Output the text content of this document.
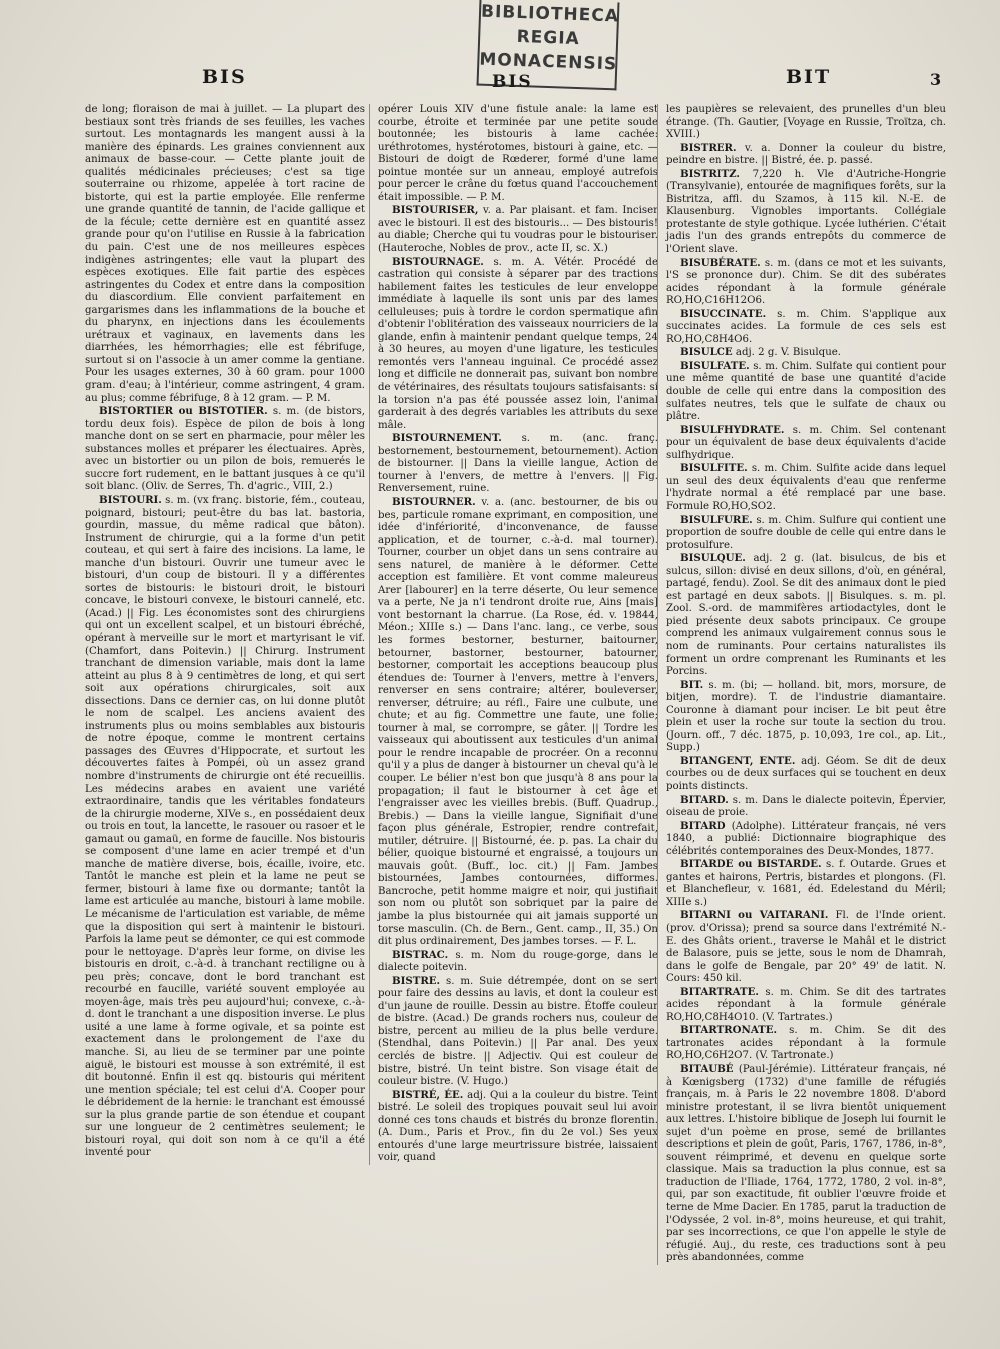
BIBLIOTHECA
REGIA
MONACENSIS
BIS	BIS	BIT	3

de long; floraison de mai à juillet. — La plupart des bestiaux sont très friands de ses feuilles, les vaches surtout. Les montagnards les mangent aussi à la manière des épinards. Les graines conviennent aux animaux de basse-cour. — Cette plante jouit de qualités médicinales précieuses; c'est sa tige souterraine ou rhizome, appelée à tort racine de bistorte, qui est la partie employée. Elle renferme une grande quantité de tannin, de l'acide gallique et de la fécule; cette dernière est en quantité assez grande pour qu'on l'utilise en Russie à la fabrication du pain. C'est une de nos meilleures espèces indigènes astringentes; elle vaut la plupart des espèces exotiques. Elle fait partie des espèces astringentes du Codex et entre dans la composition du diascordium. Elle convient parfaitement en gargarismes dans les inflammations de la bouche et du pharynx, en injections dans les écoulements urétraux et vaginaux, en lavements dans les diarrhées, les hémorrhagies; elle est fébrifuge, surtout si on l'associe à un amer comme la gentiane. Pour les usages externes, 30 à 60 gram. pour 1000 gram. d'eau; à l'intérieur, comme astringent, 4 gram. au plus; comme fébrifuge, 8 à 12 gram. — P. M.

BISTORTIER ou BISTOTIER. s. m. (de bistors, tordu deux fois). Espèce de pilon de bois à long manche dont on se sert en pharmacie, pour mêler les substances molles et préparer les électuaires. Après, avec un bistortier ou un pilon de bois, remuerés le succre fort rudement, en le battant jusques à ce qu'il soit blanc. (Oliv. de Serres, Th. d'agric., VIII, 2.)

BISTOURI. s. m. (vx franç. bistorie, fém., couteau, poignard, bistouri; peut-être du bas lat. bastoria, gourdin, massue, du même radical que bâton). Instrument de chirurgie, qui a la forme d'un petit couteau, et qui sert à faire des incisions. La lame, le manche d'un bistouri. Ouvrir une tumeur avec le bistouri, d'un coup de bistouri. Il y a différentes sortes de bistouris: le bistouri droit, le bistouri concave, le bistouri convexe, le bistouri cannelé, etc. (Acad.) || Fig. Les économistes sont des chirurgiens qui ont un excellent scalpel, et un bistouri ébréché, opérant à merveille sur le mort et martyrisant le vif. (Chamfort, dans Poitevin.) || Chirurg. Instrument tranchant de dimension variable, mais dont la lame atteint au plus 8 à 9 centimètres de long, et qui sert soit aux opérations chirurgicales, soit aux dissections. Dans ce dernier cas, on lui donne plutôt le nom de scalpel. Les anciens avaient des instruments plus ou moins semblables aux bistouris de notre époque, comme le montrent certains passages des Œuvres d'Hippocrate, et surtout les découvertes faites à Pompéi, où un assez grand nombre d'instruments de chirurgie ont été recueillis. Les médecins arabes en avaient une variété extraordinaire, tandis que les véritables fondateurs de la chirurgie moderne, XIVe s., en possédaient deux ou trois en tout, la lancette, le rasouer ou rasoer et le gamaut ou gamaü, en forme de faucille. Nos bistouris se composent d'une lame en acier trempé et d'un manche de matière diverse, bois, écaille, ivoire, etc. Tantôt le manche est plein et la lame ne peut se fermer, bistouri à lame fixe ou dormante; tantôt la lame est articulée au manche, bistouri à lame mobile. Le mécanisme de l'articulation est variable, de même que la disposition qui sert à maintenir le bistouri. Parfois la lame peut se démonter, ce qui est commode pour le nettoyage. D'après leur forme, on divise les bistouris en droit, c.-à-d. à tranchant rectiligne ou à peu près; concave, dont le bord tranchant est recourbé en faucille, variété souvent employée au moyen-âge, mais très peu aujourd'hui; convexe, c.-à-d. dont le tranchant a une disposition inverse. Le plus usité a une lame à forme ogivale, et sa pointe est exactement dans le prolongement de l'axe du manche. Si, au lieu de se terminer par une pointe aiguë, le bistouri est mousse à son extrémité, il est dit boutonné. Enfin il est qq. bistouris qui méritent une mention spéciale; tel est celui d'A. Cooper pour le débridement de la hernie: le tranchant est émoussé sur la plus grande partie de son étendue et coupant sur une longueur de 2 centimètres seulement; le bistouri royal, qui doit son nom à ce qu'il a été inventé pour

opérer Louis XIV d'une fistule anale: la lame est courbe, étroite et terminée par une petite soude boutonnée; les bistouris à lame cachée: uréthrotomes, hystérotomes, bistouri à gaine, etc. — Bistouri de doigt de Rœderer, formé d'une lame pointue montée sur un anneau, employé autrefois pour percer le crâne du fœtus quand l'accouchement était impossible. — P. M.

BISTOURISER, v. a. Par plaisant. et fam. Inciser avec le bistouri. Il est des bistouris... — Des bistouris! au diable; Cherche qui tu voudras pour le bistouriser. (Hauteroche, Nobles de prov., acte II, sc. X.)

BISTOURNAGE. s. m. A. Vétér. Procédé de castration qui consiste à séparer par des tractions habilement faites les testicules de leur enveloppe immédiate à laquelle ils sont unis par des lames celluleuses; puis à tordre le cordon spermatique afin d'obtenir l'oblitération des vaisseaux nourriciers de la glande, enfin à maintenir pendant quelque temps, 24 à 30 heures, au moyen d'une ligature, les testicules remontés vers l'anneau inguinal. Ce procédé assez long et difficile ne donnerait pas, suivant bon nombre de vétérinaires, des résultats toujours satisfaisants: si la torsion n'a pas été poussée assez loin, l'animal garderait à des degrés variables les attributs du sexe mâle.

BISTOURNEMENT. s. m. (anc. franç. bestornement, bestournement, betournement). Action de bistourner. || Dans la vieille langue, Action de tourner à l'envers, de mettre à l'envers. || Fig. Renversement, ruine.

BISTOURNER. v. a. (anc. bestourner, de bis ou bes, particule romane exprimant, en composition, une idée d'infériorité, d'inconvenance, de fausse application, et de tourner, c.-à-d. mal tourner). Tourner, courber un objet dans un sens contraire au sens naturel, de manière à le déformer. Cette acception est familière. Et vont comme maleureus Arer [labourer] en la terre déserte, Ou leur semence va a perte, Ne ja n'i tendront droite rue, Ains [mais] vont bestornant la charrue. (La Rose, éd. v. 19844, Méon.; XIIIe s.) — Dans l'anc. lang., ce verbe, sous les formes bestorner, besturner, baitourner, betourner, bastorner, bestourner, batourner, bestorner, comportait les acceptions beaucoup plus étendues de: Tourner à l'envers, mettre à l'envers, renverser en sens contraire; altérer, bouleverser, renverser, détruire; au réfl., Faire une culbute, une chute; et au fig. Commettre une faute, une folie; tourner à mal, se corrompre, se gâter. || Tordre les vaisseaux qui aboutissent aux testicules d'un animal pour le rendre incapable de procréer. On a reconnu qu'il y a plus de danger à bistourner un cheval qu'à le couper. Le bélier n'est bon que jusqu'à 8 ans pour la propagation; il faut le bistourner à cet âge et l'engraisser avec les vieilles brebis. (Buff. Quadrup., Brebis.) — Dans la vieille langue, Signifiait d'une façon plus générale, Estropier, rendre contrefait, mutiler, détruire. || Bistourné, ée. p. pas. La chair du bélier, quoique bistourné et engraissé, a toujours un mauvais goût. (Buff., loc. cit.) || Fam. Jambes bistournées, Jambes contournées, difformes. Bancroche, petit homme maigre et noir, qui justifiait son nom ou plutôt son sobriquet par la paire de jambe la plus bistournée qui ait jamais supporté un torse masculin. (Ch. de Bern., Gent. camp., II, 35.) On dit plus ordinairement, Des jambes torses. — F. L.

BISTRAC. s. m. Nom du rouge-gorge, dans le dialecte poitevin.

BISTRE. s. m. Suie détrempée, dont on se sert pour faire des dessins au lavis, et dont la couleur est d'un jaune de rouille. Dessin au bistre. Étoffe couleur de bistre. (Acad.) De grands rochers nus, couleur de bistre, percent au milieu de la plus belle verdure. (Stendhal, dans Poitevin.) || Par anal. Des yeux cerclés de bistre. || Adjectiv. Qui est couleur de bistre, bistré. Un teint bistre. Son visage était de couleur bistre. (V. Hugo.)

BISTRÉ, ÉE. adj. Qui a la couleur du bistre. Teint bistré. Le soleil des tropiques pouvait seul lui avoir donné ces tons chauds et bistrés du bronze florentin. (A. Dum., Paris et Prov., fin du 2e vol.) Ses yeux entourés d'une large meurtrissure bistrée, laissaient voir, quand

les paupières se relevaient, des prunelles d'un bleu étrange. (Th. Gautier, [Voyage en Russie, Troïtza, ch. XVIII.)

BISTRER. v. a. Donner la couleur du bistre, peindre en bistre. || Bistré, ée. p. passé.

BISTRITZ. 7,220 h. Vle d'Autriche-Hongrie (Transylvanie), entourée de magnifiques forêts, sur la Bistritza, affl. du Szamos, à 115 kil. N.-E. de Klausenburg. Vignobles importants. Collégiale protestante de style gothique. Lycée luthérien. C'était jadis l'un des grands entrepôts du commerce de l'Orient slave.

BISUBÉRATE. s. m. (dans ce mot et les suivants, l'S se prononce dur). Chim. Se dit des subérates acides répondant à la formule générale RO,HO,C16H12O6.

BISUCCINATE. s. m. Chim. S'applique aux succinates acides. La formule de ces sels est RO,HO,C8H4O6.

BISULCE adj. 2 g. V. Bisulque.

BISULFATE. s. m. Chim. Sulfate qui contient pour une même quantité de base une quantité d'acide double de celle qui entre dans la composition des sulfates neutres, tels que le sulfate de chaux ou plâtre.

BISULFHYDRATE. s. m. Chim. Sel contenant pour un équivalent de base deux équivalents d'acide sulfhydrique.

BISULFITE. s. m. Chim. Sulfite acide dans lequel un seul des deux équivalents d'eau que renferme l'hydrate normal a été remplacé par une base. Formule RO,HO,SO2.

BISULFURE. s. m. Chim. Sulfure qui contient une proportion de soufre double de celle qui entre dans le protosulfure.

BISULQUE. adj. 2 g. (lat. bisulcus, de bis et sulcus, sillon: divisé en deux sillons, d'où, en général, partagé, fendu). Zool. Se dit des animaux dont le pied est partagé en deux sabots. || Bisulques. s. m. pl. Zool. S.-ord. de mammifères artiodactyles, dont le pied présente deux sabots principaux. Ce groupe comprend les animaux vulgairement connus sous le nom de ruminants. Pour certains naturalistes ils forment un ordre comprenant les Ruminants et les Porcins.

BIT. s. m. (bi; — holland. bit, mors, morsure, de bitjen, mordre). T. de l'industrie diamantaire. Couronne à diamant pour inciser. Le bit peut être plein et user la roche sur toute la section du trou. (Journ. off., 7 déc. 1875, p. 10,093, 1re col., ap. Lit., Supp.)

BITANGENT, ENTE. adj. Géom. Se dit de deux courbes ou de deux surfaces qui se touchent en deux points distincts.

BITARD. s. m. Dans le dialecte poitevin, Épervier, oiseau de proie.

BITARD (Adolphe). Littérateur français, né vers 1840, a publié: Dictionnaire biographique des célébrités contemporaines des Deux-Mondes, 1877.

BITARDE ou BISTARDE. s. f. Outarde. Grues et gantes et hairons, Pertris, bistardes et plongons. (Fl. et Blanchefleur, v. 1681, éd. Edelestand du Méril; XIIIe s.)

BITARNI ou VAITARANI. Fl. de l'Inde orient. (prov. d'Orissa); prend sa source dans l'extrémité N.-E. des Ghâts orient., traverse le Mahâl et le district de Balasore, puis se jette, sous le nom de Dhamrah, dans le golfe de Bengale, par 20° 49' de latit. N. Cours: 450 kil.

BITARTRATE. s. m. Chim. Se dit des tartrates acides répondant à la formule générale RO,HO,C8H4O10. (V. Tartrates.)

BITARTRONATE. s. m. Chim. Se dit des tartronates acides répondant à la formule RO,HO,C6H2O7. (V. Tartronate.)

BITAUBÉ (Paul-Jérémie). Littérateur français, né à Kœnigsberg (1732) d'une famille de réfugiés français, m. à Paris le 22 novembre 1808. D'abord ministre protestant, il se livra bientôt uniquement aux lettres. L'histoire biblique de Joseph lui fournit le sujet d'un poème en prose, semé de brillantes descriptions et plein de goût, Paris, 1767, 1786, in-8°, souvent réimprimé, et devenu en quelque sorte classique. Mais sa traduction la plus connue, est sa traduction de l'Iliade, 1764, 1772, 1780, 2 vol. in-8°, qui, par son exactitude, fit oublier l'œuvre froide et terne de Mme Dacier. En 1785, parut la traduction de l'Odyssée, 2 vol. in-8°, moins heureuse, et qui trahit, par ses incorrections, ce que l'on appelle le style de réfugié. Auj., du reste, ces traductions sont à peu près abandonnées, comme
